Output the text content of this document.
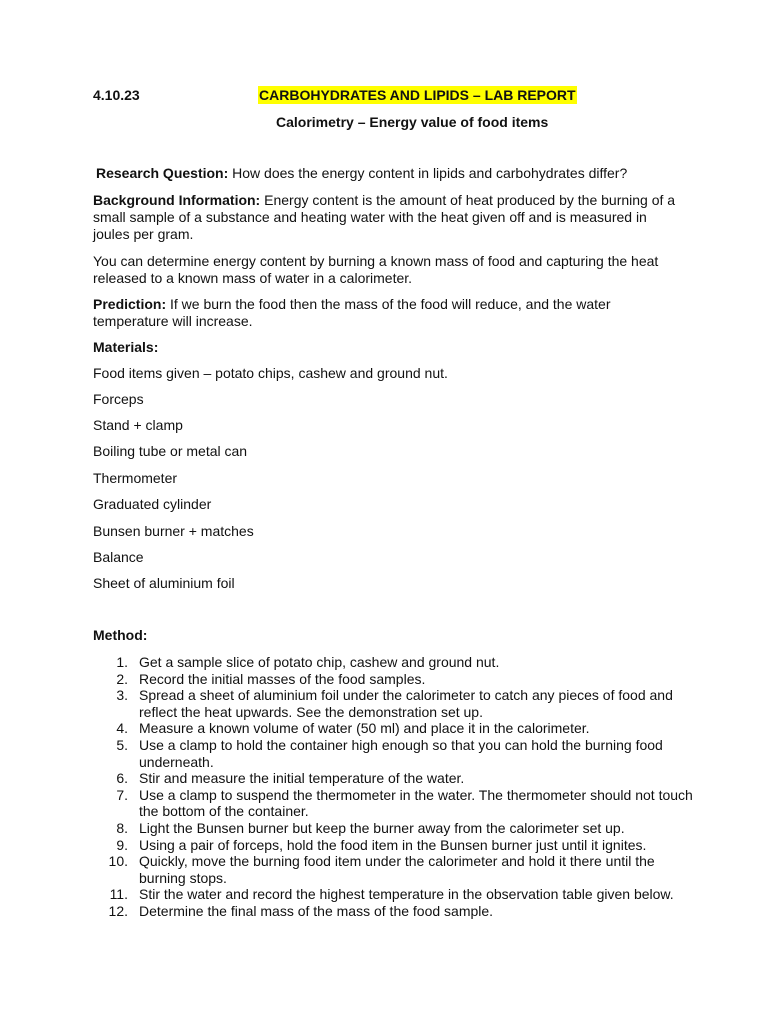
4.10.23	CARBOHYDRATES AND LIPIDS – LAB REPORT
Calorimetry – Energy value of food items
Research Question: How does the energy content in lipids and carbohydrates differ?
Background Information: Energy content is the amount of heat produced by the burning of a small sample of a substance and heating water with the heat given off and is measured in joules per gram.
You can determine energy content by burning a known mass of food and capturing the heat released to a known mass of water in a calorimeter.
Prediction: If we burn the food then the mass of the food will reduce, and the water temperature will increase.
Materials:
Food items given – potato chips, cashew and ground nut.
Forceps
Stand + clamp
Boiling tube or metal can
Thermometer
Graduated cylinder
Bunsen burner + matches
Balance
Sheet of aluminium foil
Method:
1. Get a sample slice of potato chip, cashew and ground nut.
2. Record the initial masses of the food samples.
3. Spread a sheet of aluminium foil under the calorimeter to catch any pieces of food and reflect the heat upwards. See the demonstration set up.
4. Measure a known volume of water (50 ml) and place it in the calorimeter.
5. Use a clamp to hold the container high enough so that you can hold the burning food underneath.
6. Stir and measure the initial temperature of the water.
7. Use a clamp to suspend the thermometer in the water. The thermometer should not touch the bottom of the container.
8. Light the Bunsen burner but keep the burner away from the calorimeter set up.
9. Using a pair of forceps, hold the food item in the Bunsen burner just until it ignites.
10. Quickly, move the burning food item under the calorimeter and hold it there until the burning stops.
11. Stir the water and record the highest temperature in the observation table given below.
12. Determine the final mass of the mass of the food sample.
